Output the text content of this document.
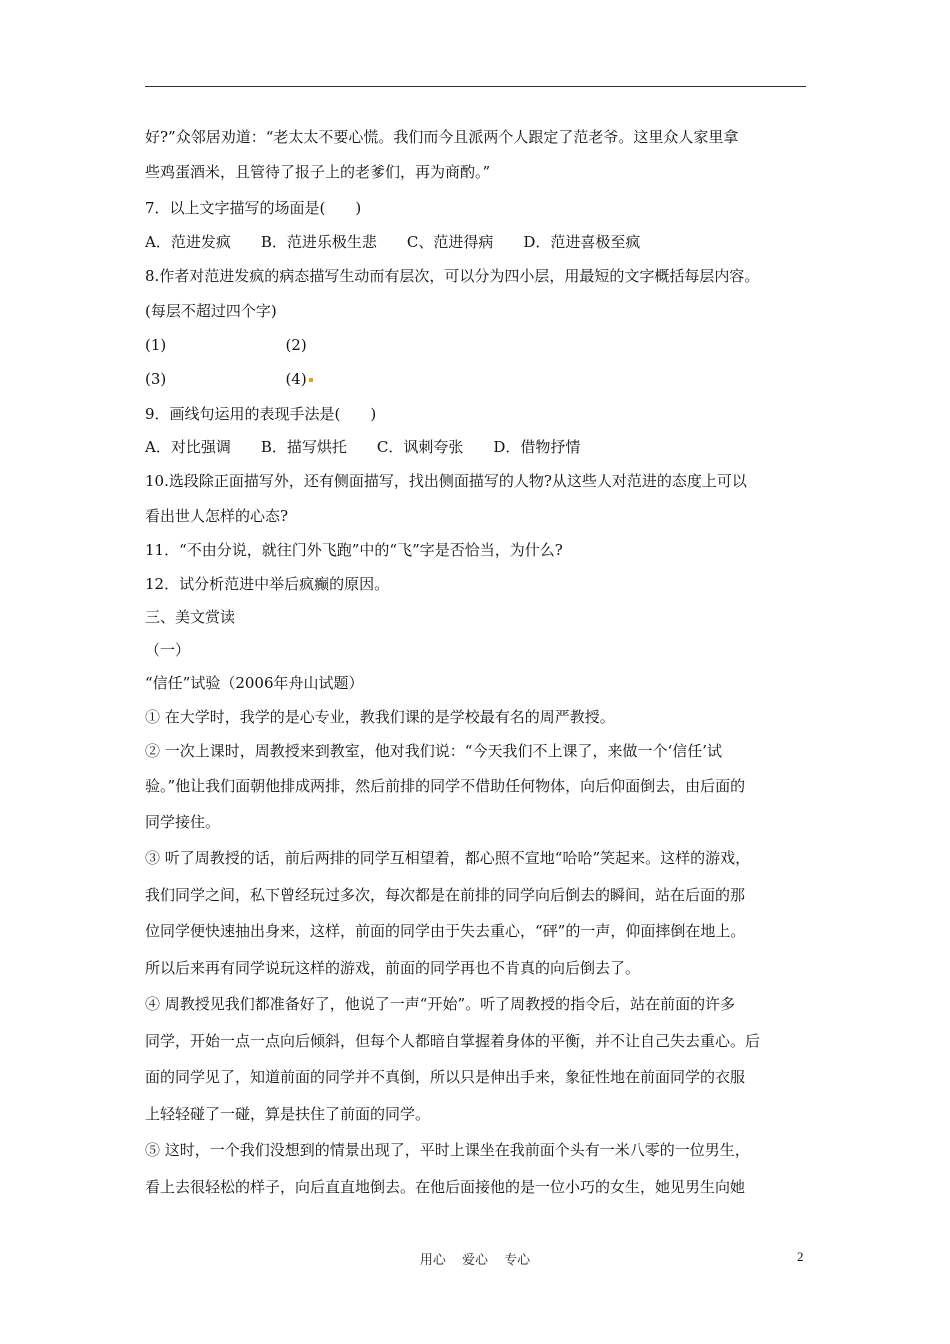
好?”众邻居劝道：“老太太不要心慌。我们而今且派两个人跟定了范老爷。这里众人家里拿
些鸡蛋酒米，且管待了报子上的老爹们，再为商酌。”
7．以上文字描写的场面是(　　)
A．范进发疯　　B．范进乐极生悲　　C、范进得病　　D．范进喜极至疯
8.作者对范进发疯的病态描写生动而有层次，可以分为四小层，用最短的文字概括每层内容。
(每层不超过四个字)
(1)                         (2)
(3)                         (4)
9．画线句运用的表现手法是(　　)
A．对比强调　　B．描写烘托　　C．讽刺夸张　　D．借物抒情
10.选段除正面描写外，还有侧面描写，找出侧面描写的人物?从这些人对范进的态度上可以
看出世人怎样的心态?
11．“不由分说，就往门外飞跑”中的“飞”字是否恰当，为什么?
12．试分析范进中举后疯癫的原因。
三、美文赏读
（一）
“信任”试验（2006年舟山试题）
① 在大学时，我学的是心专业，教我们课的是学校最有名的周严教授。
② 一次上课时，周教授来到教室，他对我们说：“今天我们不上课了，来做一个‘信任’试
验。”他让我们面朝他排成两排，然后前排的同学不借助任何物体，向后仰面倒去，由后面的
同学接住。
③ 听了周教授的话，前后两排的同学互相望着，都心照不宣地“哈哈”笑起来。这样的游戏，
我们同学之间，私下曾经玩过多次，每次都是在前排的同学向后倒去的瞬间，站在后面的那
位同学便快速抽出身来，这样，前面的同学由于失去重心，“砰”的一声，仰面摔倒在地上。
所以后来再有同学说玩这样的游戏，前面的同学再也不肯真的向后倒去了。
④ 周教授见我们都准备好了，他说了一声“开始”。听了周教授的指令后，站在前面的许多
同学，开始一点一点向后倾斜，但每个人都暗自掌握着身体的平衡，并不让自己失去重心。后
面的同学见了，知道前面的同学并不真倒，所以只是伸出手来，象征性地在前面同学的衣服
上轻轻碰了一碰，算是扶住了前面的同学。
⑤ 这时，一个我们没想到的情景出现了，平时上课坐在我前面个头有一米八零的一位男生，
看上去很轻松的样子，向后直直地倒去。在他后面接他的是一位小巧的女生，她见男生向她
用心 爱心 专心	2
